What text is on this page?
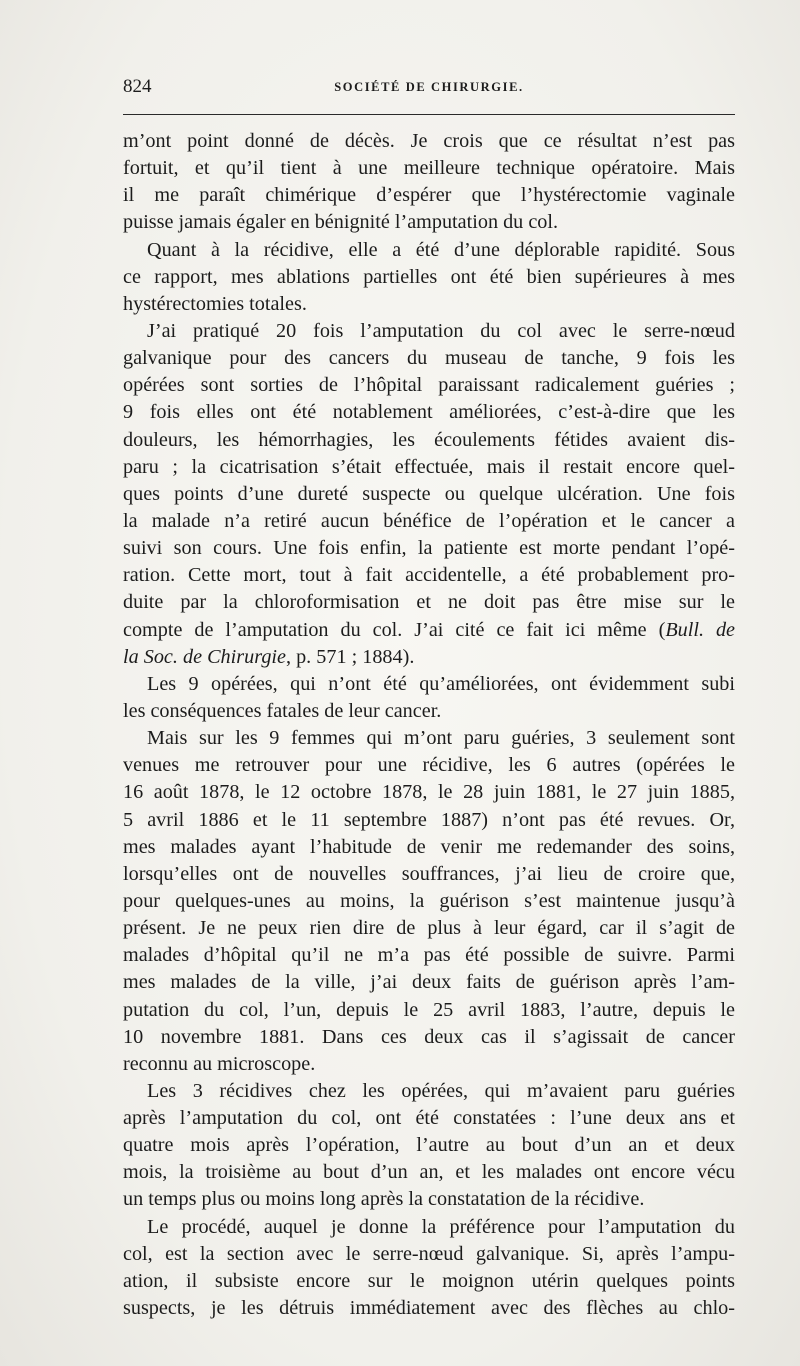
824	SOCIÉTÉ DE CHIRURGIE.
m’ont point donné de décès. Je crois que ce résultat n’est pas
fortuit, et qu’il tient à une meilleure technique opératoire. Mais
il me paraît chimérique d’espérer que l’hystérectomie vaginale
puisse jamais égaler en bénignité l’amputation du col.
Quant à la récidive, elle a été d’une déplorable rapidité. Sous
ce rapport, mes ablations partielles ont été bien supérieures à mes
hystérectomies totales.
J’ai pratiqué 20 fois l’amputation du col avec le serre-nœud
galvanique pour des cancers du museau de tanche, 9 fois les
opérées sont sorties de l’hôpital paraissant radicalement guéries ;
9 fois elles ont été notablement améliorées, c’est-à-dire que les
douleurs, les hémorrhagies, les écoulements fétides avaient dis-
paru ; la cicatrisation s’était effectuée, mais il restait encore quel-
ques points d’une dureté suspecte ou quelque ulcération. Une fois
la malade n’a retiré aucun bénéfice de l’opération et le cancer a
suivi son cours. Une fois enfin, la patiente est morte pendant l’opé-
ration. Cette mort, tout à fait accidentelle, a été probablement pro-
duite par la chloroformisation et ne doit pas être mise sur le
compte de l’amputation du col. J’ai cité ce fait ici même (Bull. de
la Soc. de Chirurgie, p. 571 ; 1884).
Les 9 opérées, qui n’ont été qu’améliorées, ont évidemment subi
les conséquences fatales de leur cancer.
Mais sur les 9 femmes qui m’ont paru guéries, 3 seulement sont
venues me retrouver pour une récidive, les 6 autres (opérées le
16 août 1878, le 12 octobre 1878, le 28 juin 1881, le 27 juin 1885,
5 avril 1886 et le 11 septembre 1887) n’ont pas été revues. Or,
mes malades ayant l’habitude de venir me redemander des soins,
lorsqu’elles ont de nouvelles souffrances, j’ai lieu de croire que,
pour quelques-unes au moins, la guérison s’est maintenue jusqu’à
présent. Je ne peux rien dire de plus à leur égard, car il s’agit de
malades d’hôpital qu’il ne m’a pas été possible de suivre. Parmi
mes malades de la ville, j’ai deux faits de guérison après l’am-
putation du col, l’un, depuis le 25 avril 1883, l’autre, depuis le
10 novembre 1881. Dans ces deux cas il s’agissait de cancer
reconnu au microscope.
Les 3 récidives chez les opérées, qui m’avaient paru guéries
après l’amputation du col, ont été constatées : l’une deux ans et
quatre mois après l’opération, l’autre au bout d’un an et deux
mois, la troisième au bout d’un an, et les malades ont encore vécu
un temps plus ou moins long après la constatation de la récidive.
Le procédé, auquel je donne la préférence pour l’amputation du
col, est la section avec le serre-nœud galvanique. Si, après l’ampu-
ation, il subsiste encore sur le moignon utérin quelques points
suspects, je les détruis immédiatement avec des flèches au chlo-
